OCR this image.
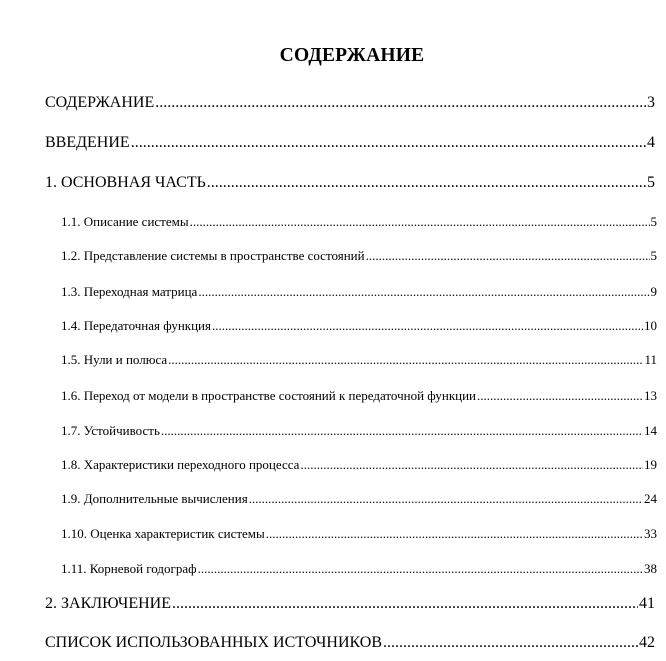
СОДЕРЖАНИЕ
СОДЕРЖАНИЕ .....	3
ВВЕДЕНИЕ .....	4
1. ОСНОВНАЯ ЧАСТЬ .....	5
1.1. Описание системы .....	5
1.2. Представление системы в пространстве состояний .....	5
1.3. Переходная матрица .....	9
1.4. Передаточная функция .....	10
1.5. Нули и полюса .....	11
1.6. Переход от модели в пространстве состояний к передаточной функции .....	13
1.7. Устойчивость .....	14
1.8. Характеристики переходного процесса .....	19
1.9. Дополнительные вычисления .....	24
1.10. Оценка характеристик системы .....	33
1.11. Корневой годограф .....	38
2. ЗАКЛЮЧЕНИЕ .....	41
СПИСОК ИСПОЛЬЗОВАННЫХ ИСТОЧНИКОВ .....	42
